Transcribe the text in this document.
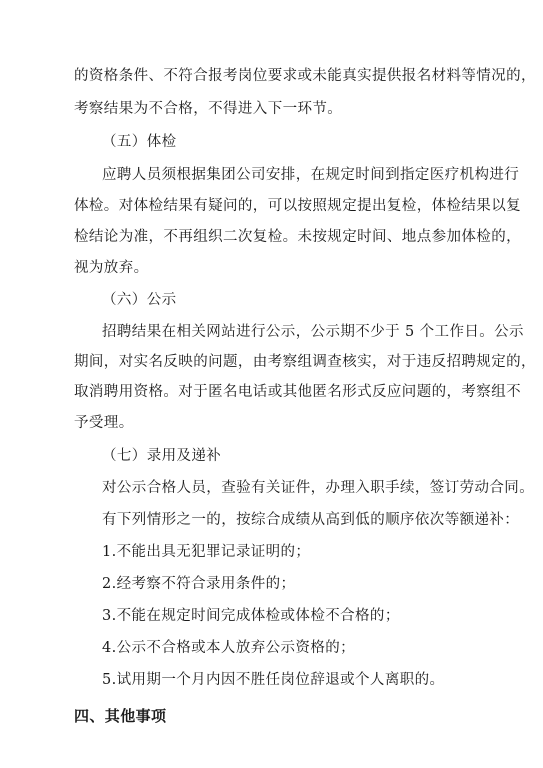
的资格条件、不符合报考岗位要求或未能真实提供报名材料等情况的，
考察结果为不合格，不得进入下一环节。
（五）体检
应聘人员须根据集团公司安排，在规定时间到指定医疗机构进行
体检。对体检结果有疑问的，可以按照规定提出复检，体检结果以复
检结论为准，不再组织二次复检。未按规定时间、地点参加体检的，
视为放弃。
（六）公示
招聘结果在相关网站进行公示，公示期不少于 5 个工作日。公示
期间，对实名反映的问题，由考察组调查核实，对于违反招聘规定的，
取消聘用资格。对于匿名电话或其他匿名形式反应问题的，考察组不
予受理。
（七）录用及递补
对公示合格人员，查验有关证件，办理入职手续，签订劳动合同。
有下列情形之一的，按综合成绩从高到低的顺序依次等额递补：
1.不能出具无犯罪记录证明的；
2.经考察不符合录用条件的；
3.不能在规定时间完成体检或体检不合格的；
4.公示不合格或本人放弃公示资格的；
5.试用期一个月内因不胜任岗位辞退或个人离职的。
四、其他事项
